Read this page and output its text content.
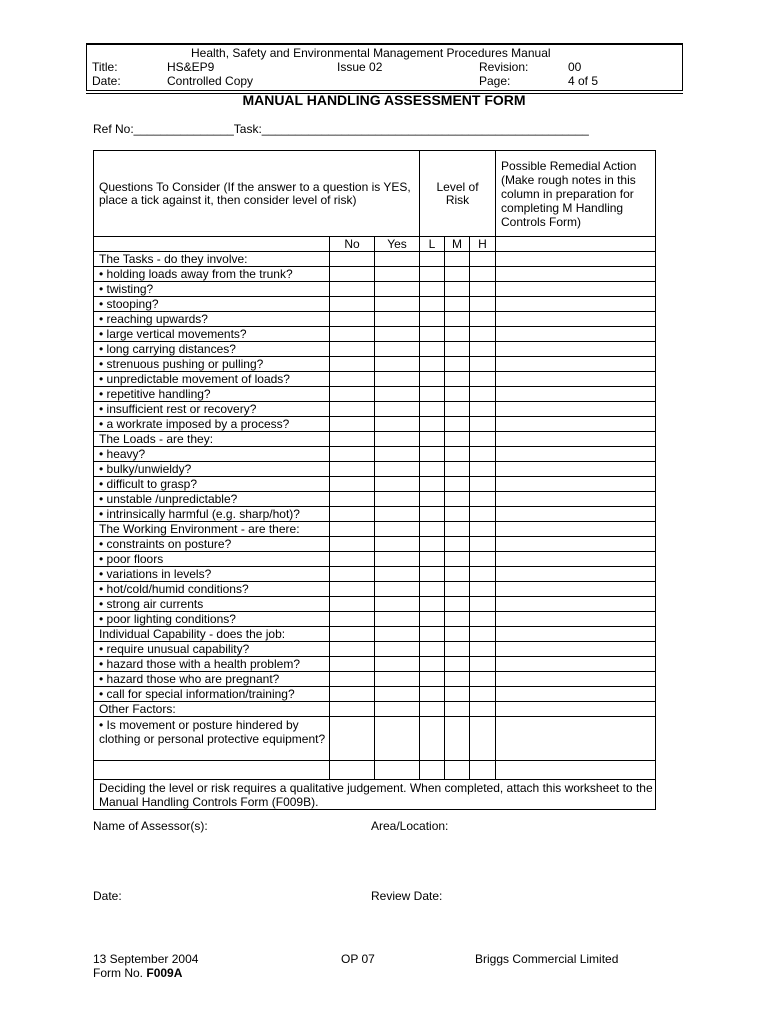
Health, Safety and Environmental Management Procedures Manual
Title:	HS&EP9	Issue 02	Revision:	00
Date:	Controlled Copy	Page:	4 of 5
MANUAL HANDLING ASSESSMENT FORM
Ref No:_______________Task:_________________________________________________
Questions To Consider (If the answer to a question is YES, place a tick against it, then consider level of risk)			Level of Risk			Possible Remedial Action (Make rough notes in this column in preparation for completing M Handling Controls Form)
	No	Yes	L	M	H	
The Tasks - do they involve:						
• holding loads away from the trunk?						
• twisting?						
• stooping?						
• reaching upwards?						
• large vertical movements?						
• long carrying distances?						
• strenuous pushing or pulling?						
• unpredictable movement of loads?						
• repetitive handling?						
• insufficient rest or recovery?						
• a workrate imposed by a process?						
The Loads - are they:						
• heavy?						
• bulky/unwieldy?						
• difficult to grasp?						
• unstable /unpredictable?						
• intrinsically harmful (e.g. sharp/hot)?						
The Working Environment - are there:						
• constraints on posture?						
• poor floors						
• variations in levels?						
• hot/cold/humid conditions?						
• strong air currents						
• poor lighting conditions?						
Individual Capability - does the job:						
• require unusual capability?						
• hazard those with a health problem?						
• hazard those who are pregnant?						
• call for special information/training?						
Other Factors:						
• Is movement or posture hindered by clothing or personal protective equipment?						

Deciding the level or risk requires a qualitative judgement. When completed, attach this worksheet to the Manual Handling Controls Form (F009B).						
Name of Assessor(s):	Area/Location:
Date:	Review Date:
13 September 2004	OP 07	Briggs Commercial Limited
Form No. F009A
